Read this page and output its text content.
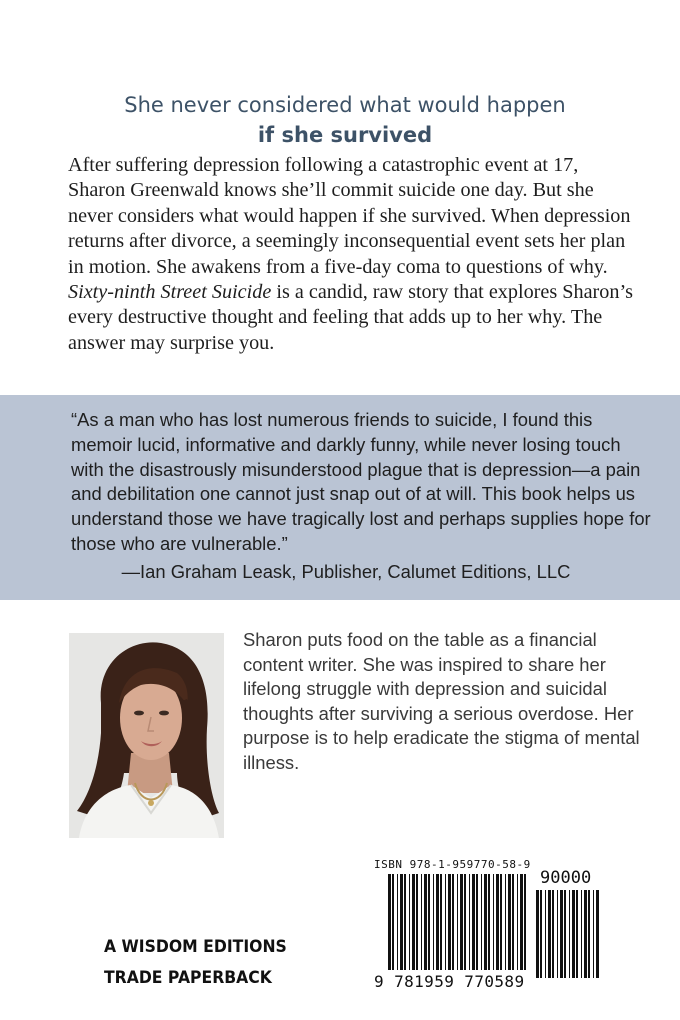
She never considered what would happen
if she survived
After suffering depression following a catastrophic event at 17, Sharon Greenwald knows she’ll commit suicide one day. But she never considers what would happen if she survived. When depression returns after divorce, a seemingly inconsequential event sets her plan in motion. She awakens from a five-day coma to questions of why. Sixty-ninth Street Suicide is a candid, raw story that explores Sharon’s every destructive thought and feeling that adds up to her why. The answer may surprise you.
“As a man who has lost numerous friends to suicide, I found this memoir lucid, informative and darkly funny, while never losing touch with the disastrously misunderstood plague that is depression—a pain and debilitation one cannot just snap out of at will. This book helps us understand those we have tragically lost and perhaps supplies hope for those who are vulnerable.”
—Ian Graham Leask, Publisher, Calumet Editions, LLC
Sharon puts food on the table as a financial content writer. She was inspired to share her lifelong struggle with depression and suicidal thoughts after surviving a serious overdose. Her purpose is to help eradicate the stigma of mental illness.
ISBN 978-1-959770-58-9
90000
9 781959 770589
A WISDOM EDITIONS
TRADE PAPERBACK
